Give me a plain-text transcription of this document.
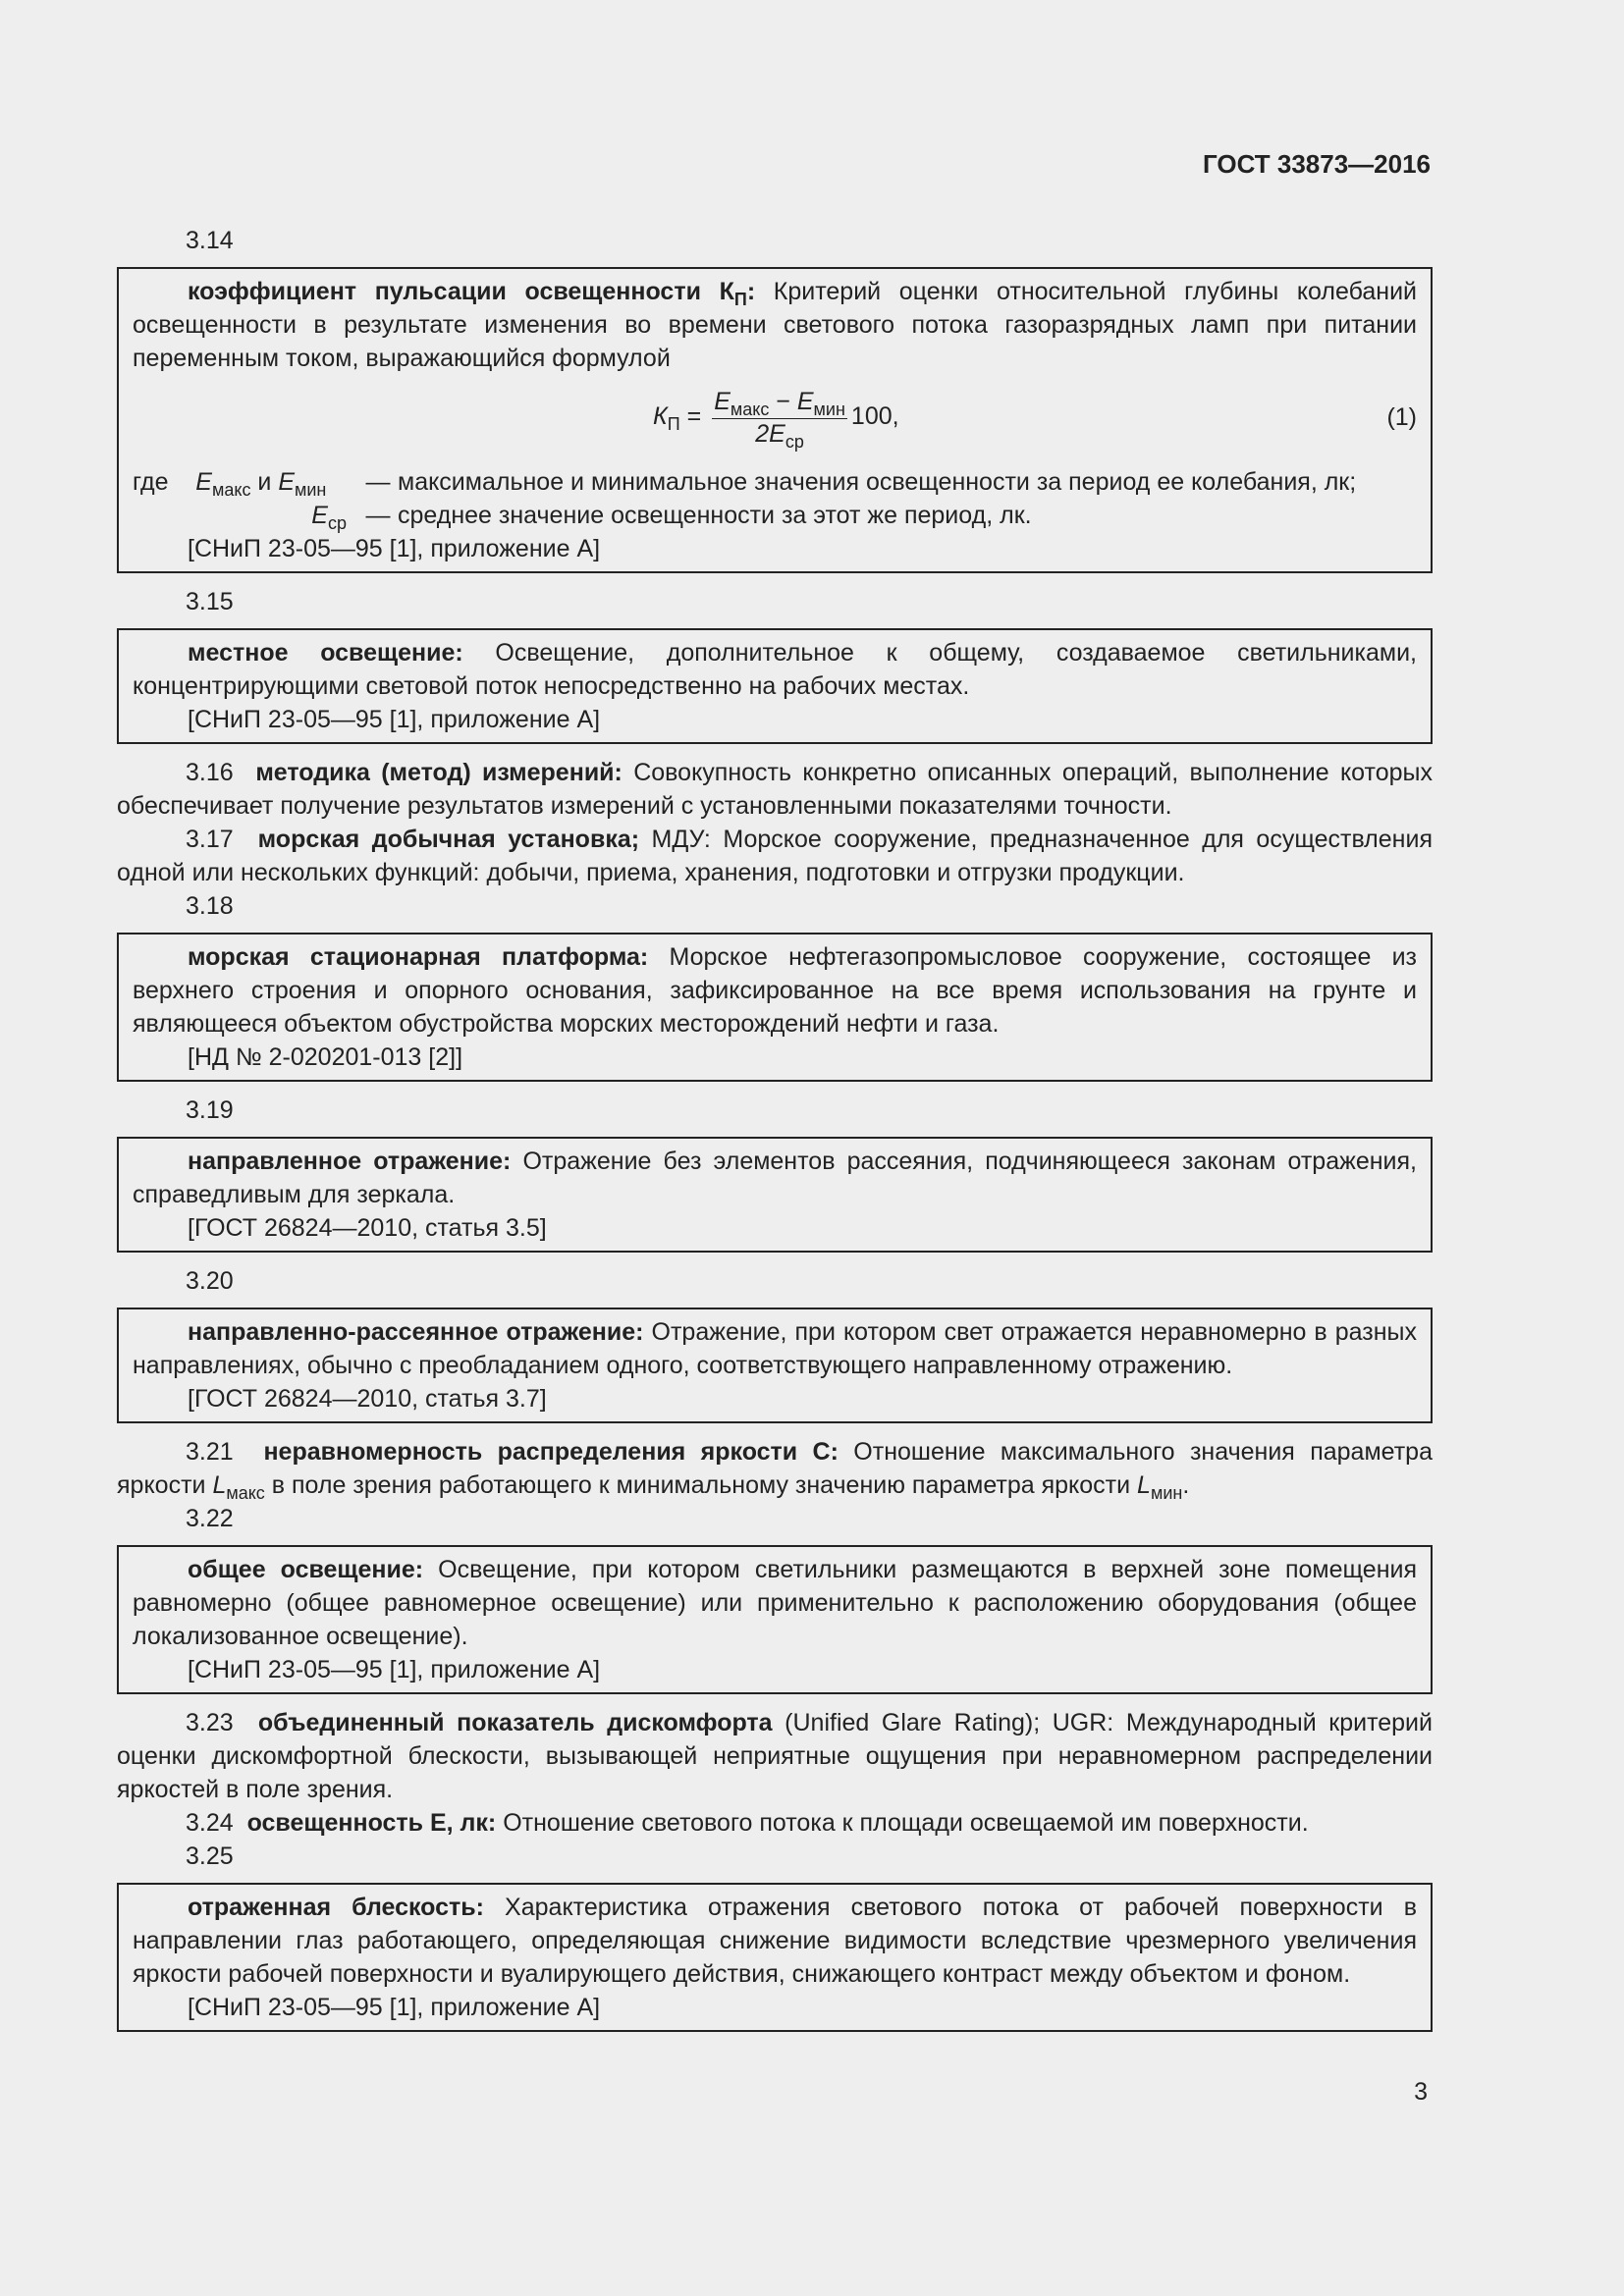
ГОСТ 33873—2016
3.14
коэффициент пульсации освещенности $К_П$: Критерий оценки относительной глубины колебаний освещенности в результате изменения во времени светового потока газоразрядных ламп при питании переменным током, выражающийся формулой
$К_П = \frac{E_{макс} - E_{мин}}{2E_{ср}} 100$,	(1)
где $E_{макс}$ и $E_{мин}$	— максимальное и минимальное значения освещенности за период ее колебания, лк;
$E_{ср}$ — среднее значение освещенности за этот же период, лк.
[СНиП 23-05—95 [1], приложение А]
3.15
местное освещение: Освещение, дополнительное к общему, создаваемое светильниками, концентрирующими световой поток непосредственно на рабочих местах.
[СНиП 23-05—95 [1], приложение А]

3.16 методика (метод) измерений: Совокупность конкретно описанных операций, выполнение которых обеспечивает получение результатов измерений с установленными показателями точности.

3.17 морская добычная установка; МДУ: Морское сооружение, предназначенное для осуществления одной или нескольких функций: добычи, приема, хранения, подготовки и отгрузки продукции.

3.18
морская стационарная платформа: Морское нефтегазопромысловое сооружение, состоящее из верхнего строения и опорного основания, зафиксированное на все время использования на грунте и являющееся объектом обустройства морских месторождений нефти и газа.
[НД № 2-020201-013 [2]]
3.19
направленное отражение: Отражение без элементов рассеяния, подчиняющееся законам отражения, справедливым для зеркала.
[ГОСТ 26824—2010, статья 3.5]
3.20
направленно-рассеянное отражение: Отражение, при котором свет отражается неравномерно в разных направлениях, обычно с преобладанием одного, соответствующего направленному отражению.
[ГОСТ 26824—2010, статья 3.7]

3.21 неравномерность распределения яркости С: Отношение максимального значения параметра яркости $L_{макс}$ в поле зрения работающего к минимальному значению параметра яркости $L_{мин}$.

3.22
общее освещение: Освещение, при котором светильники размещаются в верхней зоне помещения равномерно (общее равномерное освещение) или применительно к расположению оборудования (общее локализованное освещение).
[СНиП 23-05—95 [1], приложение А]

3.23 объединенный показатель дискомфорта (Unified Glare Rating); UGR: Международный критерий оценки дискомфортной блескости, вызывающей неприятные ощущения при неравномерном распределении яркостей в поле зрения.

3.24 освещенность Е, лк: Отношение светового потока к площади освещаемой им поверхности.

3.25
отраженная блескость: Характеристика отражения светового потока от рабочей поверхности в направлении глаз работающего, определяющая снижение видимости вследствие чрезмерного увеличения яркости рабочей поверхности и вуалирующего действия, снижающего контраст между объектом и фоном.
[СНиП 23-05—95 [1], приложение А]
3
